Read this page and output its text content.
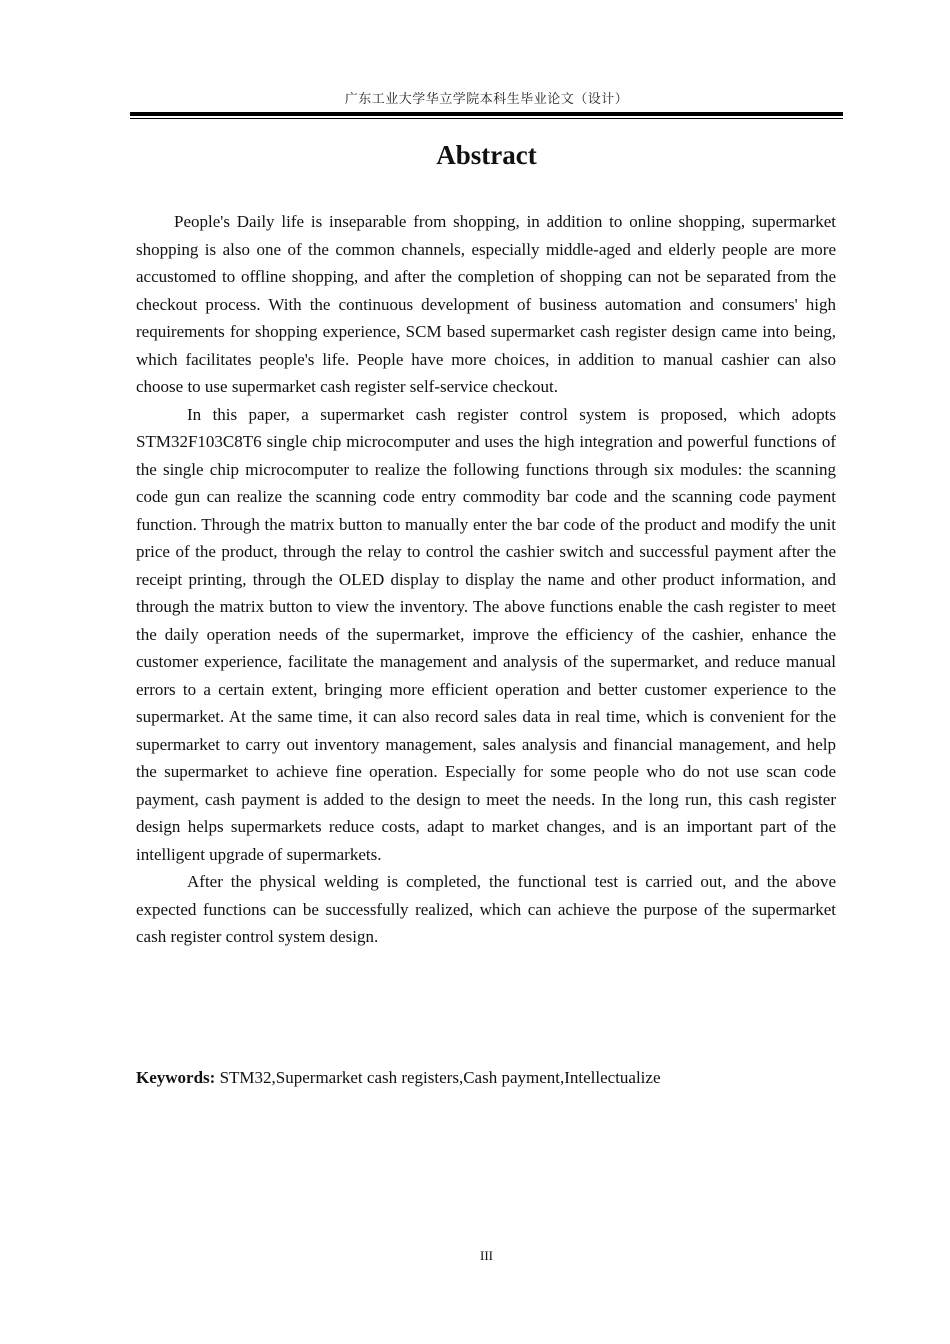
广东工业大学华立学院本科生毕业论文（设计）
Abstract

People's Daily life is inseparable from shopping, in addition to online shopping, supermarket shopping is also one of the common channels, especially middle-aged and elderly people are more accustomed to offline shopping, and after the completion of shopping can not be separated from the checkout process. With the continuous development of business automation and consumers' high requirements for shopping experience, SCM based supermarket cash register design came into being, which facilitates people's life. People have more choices, in addition to manual cashier can also choose to use supermarket cash register self-service checkout.

In this paper, a supermarket cash register control system is proposed, which adopts STM32F103C8T6 single chip microcomputer and uses the high integration and powerful functions of the single chip microcomputer to realize the following functions through six modules: the scanning code gun can realize the scanning code entry commodity bar code and the scanning code payment function. Through the matrix button to manually enter the bar code of the product and modify the unit price of the product, through the relay to control the cashier switch and successful payment after the receipt printing, through the OLED display to display the name and other product information, and through the matrix button to view the inventory. The above functions enable the cash register to meet the daily operation needs of the supermarket, improve the efficiency of the cashier, enhance the customer experience, facilitate the management and analysis of the supermarket, and reduce manual errors to a certain extent, bringing more efficient operation and better customer experience to the supermarket. At the same time, it can also record sales data in real time, which is convenient for the supermarket to carry out inventory management, sales analysis and financial management, and help the supermarket to achieve fine operation. Especially for some people who do not use scan code payment, cash payment is added to the design to meet the needs. In the long run, this cash register design helps supermarkets reduce costs, adapt to market changes, and is an important part of the intelligent upgrade of supermarkets.

After the physical welding is completed, the functional test is carried out, and the above expected functions can be successfully realized, which can achieve the purpose of the supermarket cash register control system design.

Keywords: STM32,Supermarket cash registers,Cash payment,Intellectualize
III
